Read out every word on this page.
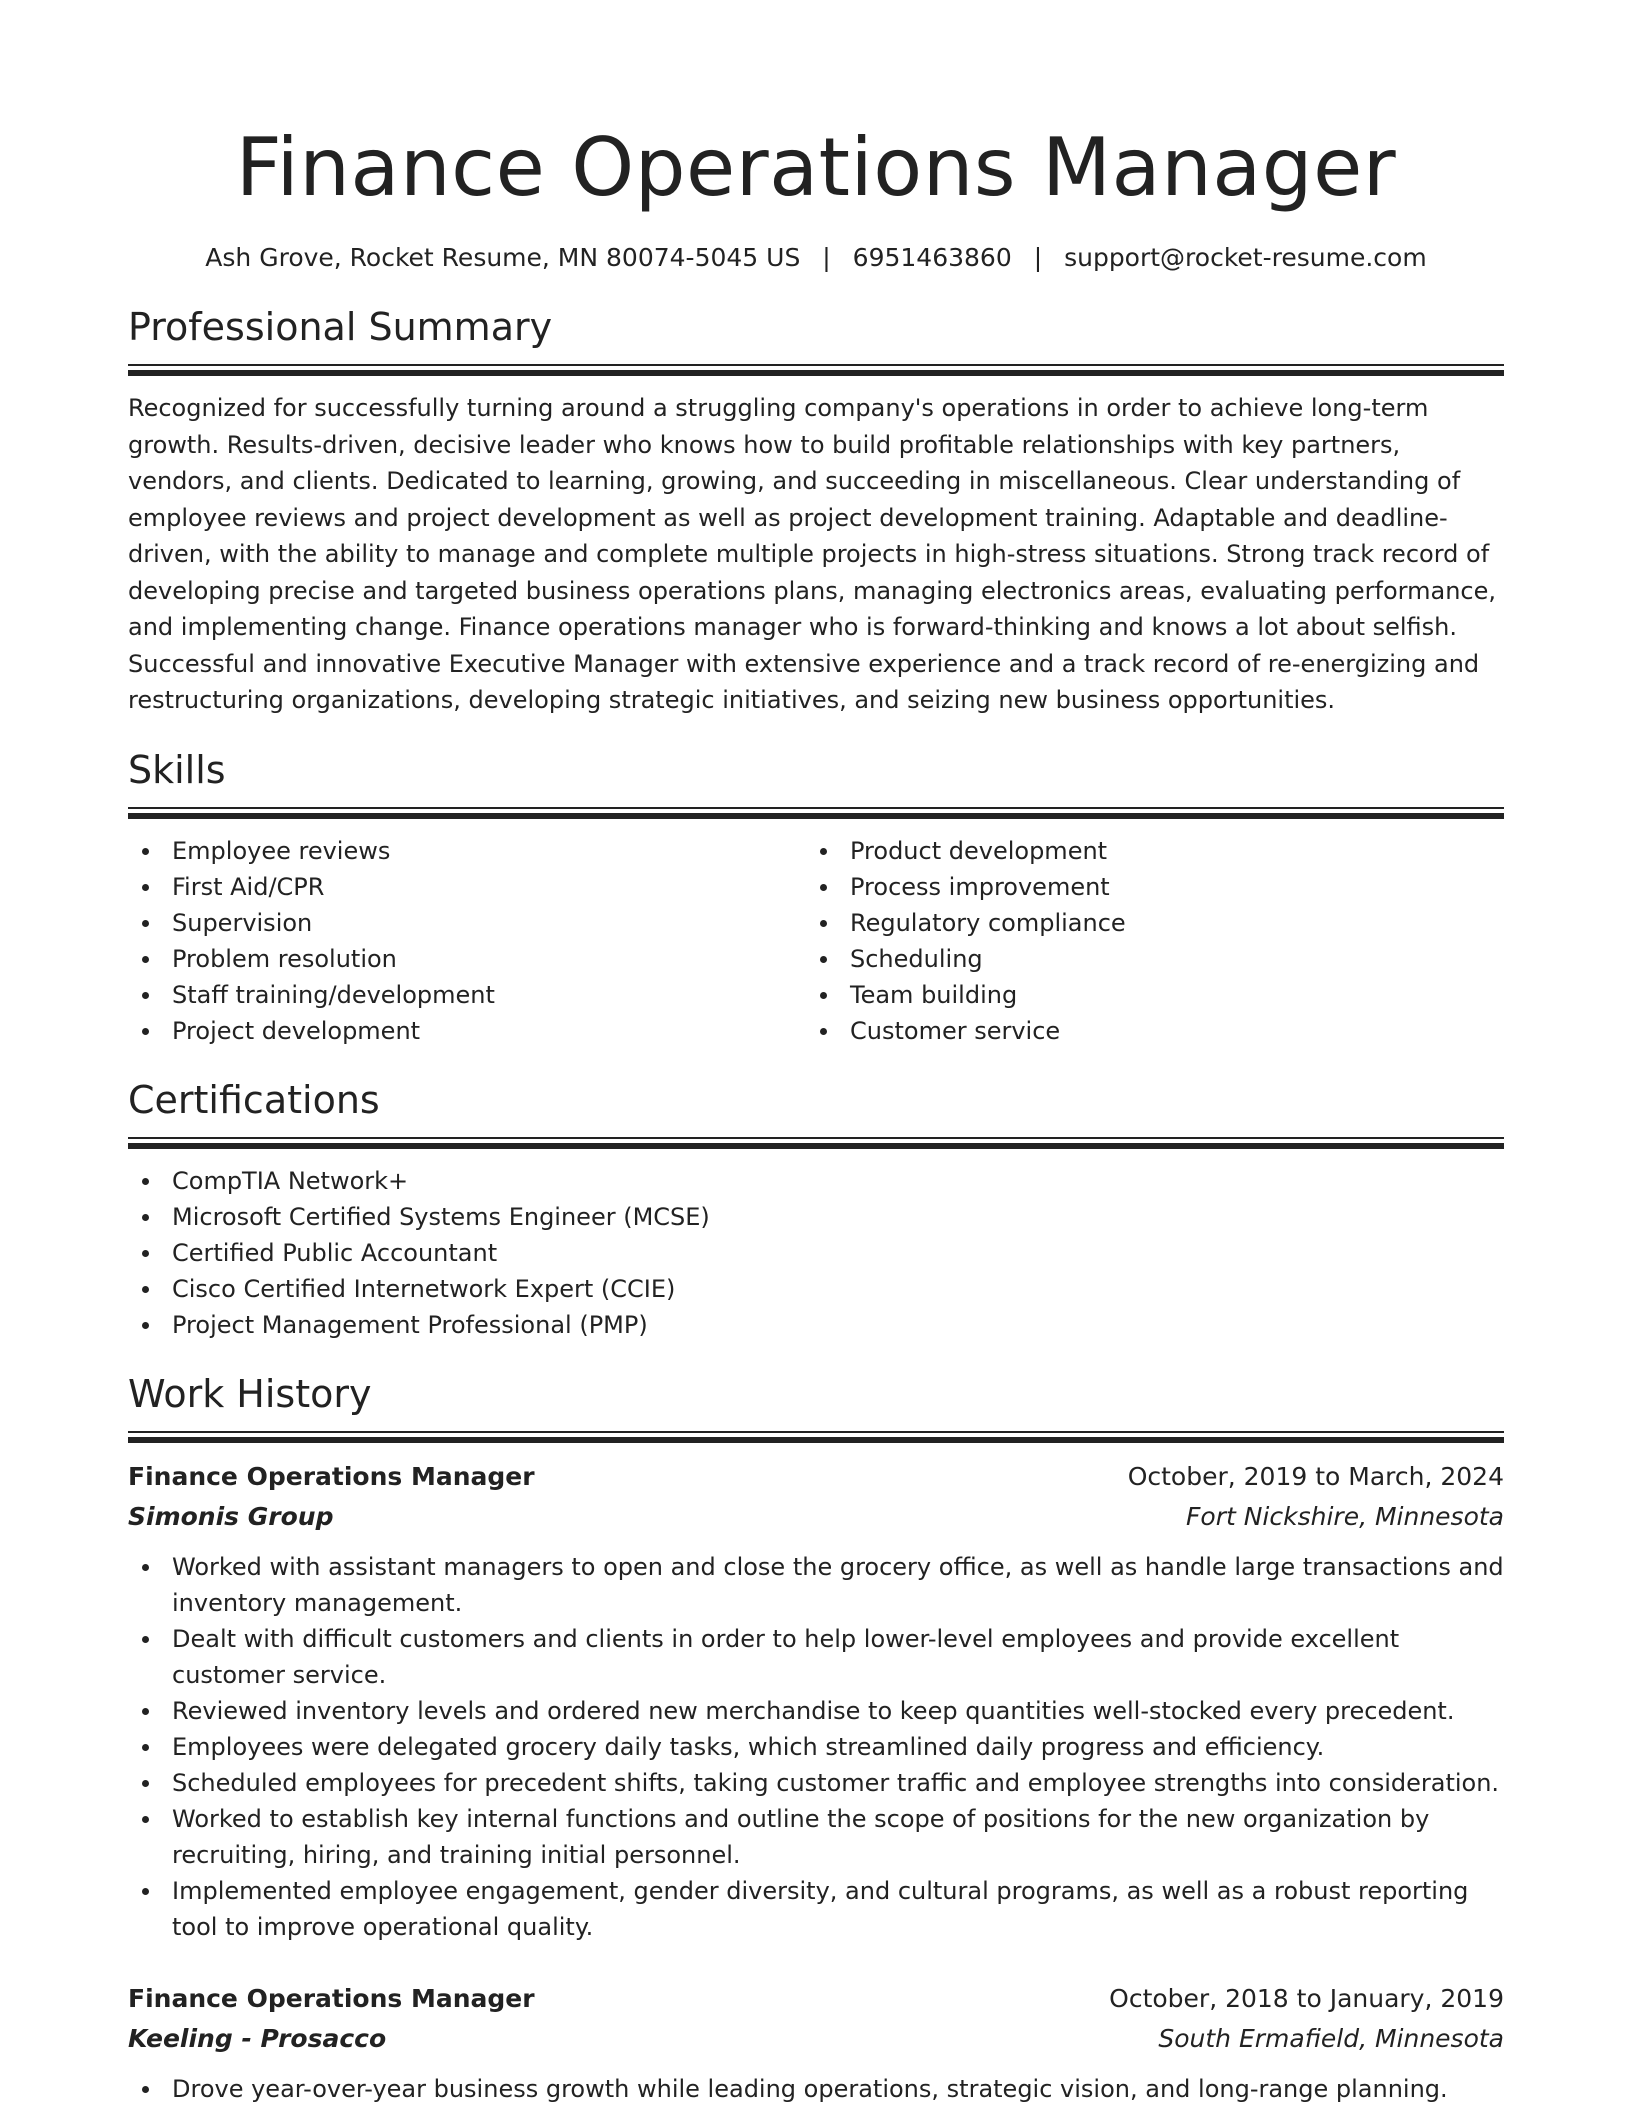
Finance Operations Manager
Ash Grove, Rocket Resume, MN 80074-5045 US | 6951463860 | support@rocket-resume.com
Professional Summary
Recognized for successfully turning around a struggling company's operations in order to achieve long-term growth. Results-driven, decisive leader who knows how to build profitable relationships with key partners, vendors, and clients. Dedicated to learning, growing, and succeeding in miscellaneous. Clear understanding of employee reviews and project development as well as project development training. Adaptable and deadline-driven, with the ability to manage and complete multiple projects in high-stress situations. Strong track record of developing precise and targeted business operations plans, managing electronics areas, evaluating performance, and implementing change. Finance operations manager who is forward-thinking and knows a lot about selfish. Successful and innovative Executive Manager with extensive experience and a track record of re-energizing and restructuring organizations, developing strategic initiatives, and seizing new business opportunities.
Skills
Employee reviews
First Aid/CPR
Supervision
Problem resolution
Staff training/development
Project development
Product development
Process improvement
Regulatory compliance
Scheduling
Team building
Customer service
Certifications
CompTIA Network+
Microsoft Certified Systems Engineer (MCSE)
Certified Public Accountant
Cisco Certified Internetwork Expert (CCIE)
Project Management Professional (PMP)
Work History
Finance Operations Manager	October, 2019 to March, 2024
Simonis Group	Fort Nickshire, Minnesota
Worked with assistant managers to open and close the grocery office, as well as handle large transactions and inventory management.
Dealt with difficult customers and clients in order to help lower-level employees and provide excellent customer service.
Reviewed inventory levels and ordered new merchandise to keep quantities well-stocked every precedent.
Employees were delegated grocery daily tasks, which streamlined daily progress and efficiency.
Scheduled employees for precedent shifts, taking customer traffic and employee strengths into consideration.
Worked to establish key internal functions and outline the scope of positions for the new organization by recruiting, hiring, and training initial personnel.
Implemented employee engagement, gender diversity, and cultural programs, as well as a robust reporting tool to improve operational quality.
Finance Operations Manager	October, 2018 to January, 2019
Keeling - Prosacco	South Ermafield, Minnesota
Drove year-over-year business growth while leading operations, strategic vision, and long-range planning.
